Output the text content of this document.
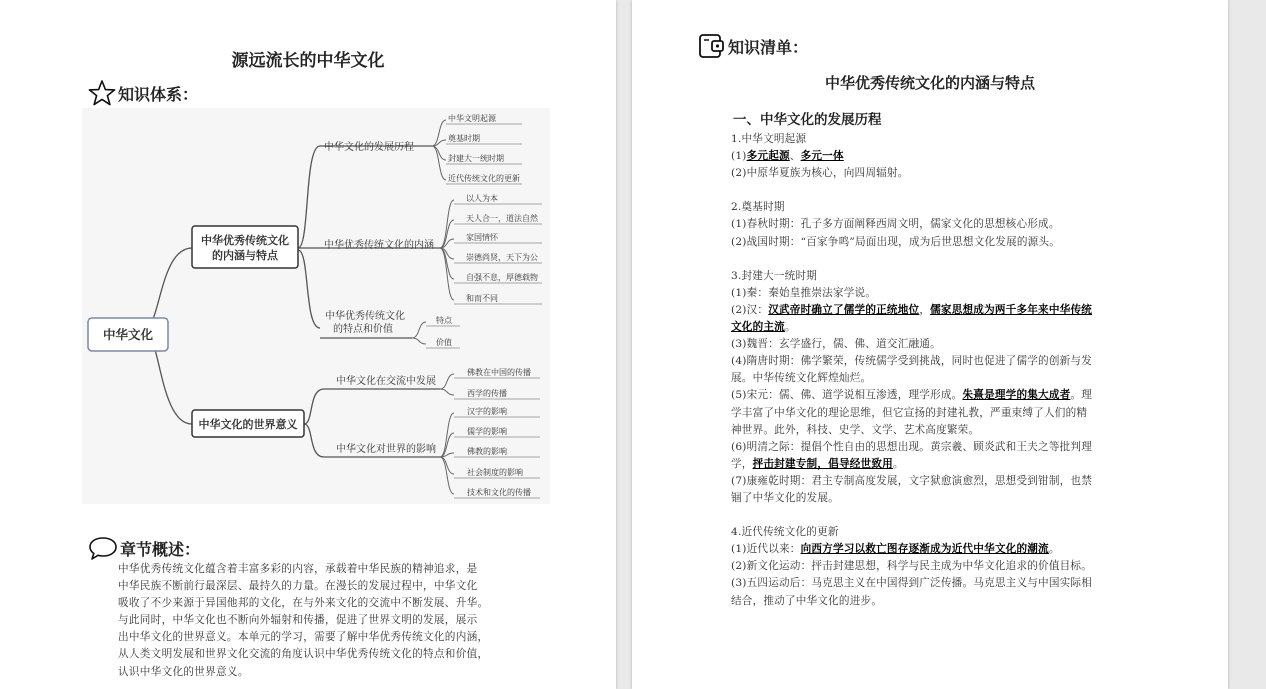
源远流长的中华文化
知识体系：
中华文化
中华优秀传统文化
的内涵与特点
中华文化的世界意义
中华文化的发展历程
中华优秀传统文化的内涵
中华优秀传统文化
的特点和价值
中华文明起源
奠基时期
封建大一统时期
近代传统文化的更新
以人为本
天人合一，道法自然
家国情怀
崇德尚贤，天下为公
自强不息，厚德载物
和而不同
特点
价值
中华文化在交流中发展
中华文化对世界的影响
佛教在中国的传播
西学的传播
汉字的影响
儒学的影响
佛教的影响
社会制度的影响
技术和文化的传播
章节概述：

中华优秀传统文化蕴含着丰富多彩的内容，承载着中华民族的精神追求，是

中华民族不断前行最深层、最持久的力量。在漫长的发展过程中，中华文化

吸收了不少来源于异国他邦的文化，在与外来文化的交流中不断发展、升华。

与此同时，中华文化也不断向外辐射和传播，促进了世界文明的发展，展示

出中华文化的世界意义。本单元的学习，需要了解中华优秀传统文化的内涵，

从人类文明发展和世界文化交流的角度认识中华优秀传统文化的特点和价值，

认识中华文化的世界意义。

知识清单：
中华优秀传统文化的内涵与特点
一、中华文化的发展历程

1.中华文明起源

(1)多元起源、多元一体

(2)中原华夏族为核心，向四周辐射。

2.奠基时期

(1)春秋时期：孔子多方面阐释西周文明，儒家文化的思想核心形成。

(2)战国时期：“百家争鸣”局面出现，成为后世思想文化发展的源头。

3.封建大一统时期

(1)秦：秦始皇推崇法家学说。

(2)汉：汉武帝时确立了儒学的正统地位，儒家思想成为两千多年来中华传统

文化的主流。

(3)魏晋：玄学盛行，儒、佛、道交汇融通。

(4)隋唐时期：佛学繁荣，传统儒学受到挑战，同时也促进了儒学的创新与发

展。中华传统文化辉煌灿烂。

(5)宋元：儒、佛、道学说相互渗透，理学形成。朱熹是理学的集大成者。理

学丰富了中华文化的理论思维，但它宣扬的封建礼教，严重束缚了人们的精

神世界。此外，科技、史学、文学、艺术高度繁荣。

(6)明清之际：提倡个性自由的思想出现。黄宗羲、顾炎武和王夫之等批判理

学，抨击封建专制，倡导经世致用。

(7)康雍乾时期：君主专制高度发展，文字狱愈演愈烈，思想受到钳制，也禁

锢了中华文化的发展。

4.近代传统文化的更新

(1)近代以来：向西方学习以救亡图存逐渐成为近代中华文化的潮流。

(2)新文化运动：抨击封建思想，科学与民主成为中华文化追求的价值目标。

(3)五四运动后：马克思主义在中国得到广泛传播。马克思主义与中国实际相

结合，推动了中华文化的进步。
